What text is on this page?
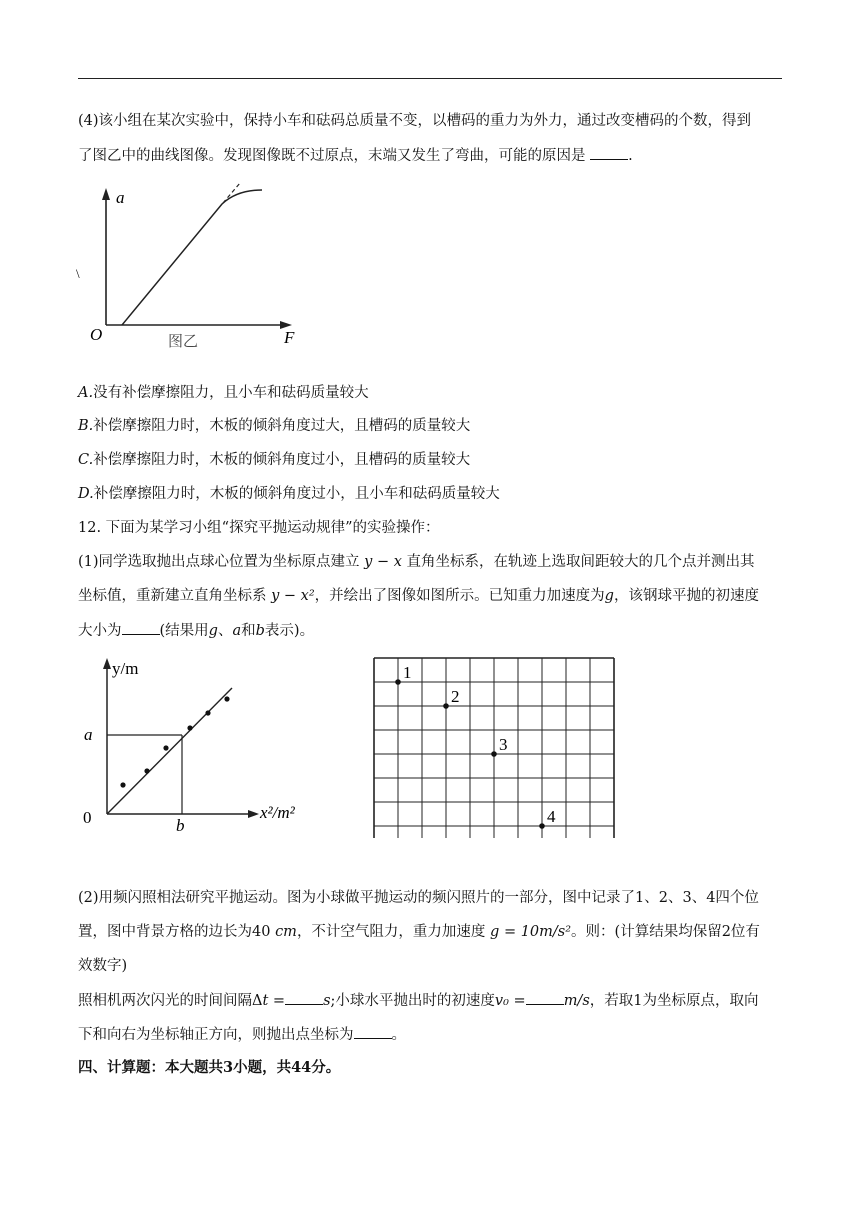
(4)该小组在某次实验中，保持小车和砝码总质量不变，以槽码的重力为外力，通过改变槽码的个数，得到
了图乙中的曲线图像。发现图像既不过原点，末端又发生了弯曲，可能的原因是	.
a
O	F
图乙
\
A.没有补偿摩擦阻力，且小车和砝码质量较大
B.补偿摩擦阻力时，木板的倾斜角度过大，且槽码的质量较大
C.补偿摩擦阻力时，木板的倾斜角度过小，且槽码的质量较大
D.补偿摩擦阻力时，木板的倾斜角度过小，且小车和砝码质量较大
12. 下面为某学习小组“探究平抛运动规律”的实验操作：
(1)同学选取抛出点球心位置为坐标原点建立 y − x 直角坐标系，在轨迹上选取间距较大的几个点并测出其
坐标值，重新建立直角坐标系 y − x²，并绘出了图像如图所示。已知重力加速度为g，该钢球平抛的初速度
大小为	(结果用g、a和b表示)。
y/m
a
0	b
x²/m²
1
2
3
4
(2)用频闪照相法研究平抛运动。图为小球做平抛运动的频闪照片的一部分，图中记录了1、2、3、4四个位
置，图中背景方格的边长为40 cm，不计空气阻力，重力加速度 g = 10m/s²。则：(计算结果均保留2位有
效数字)
照相机两次闪光的时间间隔Δt =	s;小球水平抛出时的初速度v₀ =	m/s，若取1为坐标原点，取向
下和向右为坐标轴正方向，则抛出点坐标为	。
四、计算题：本大题共3小题，共44分。
